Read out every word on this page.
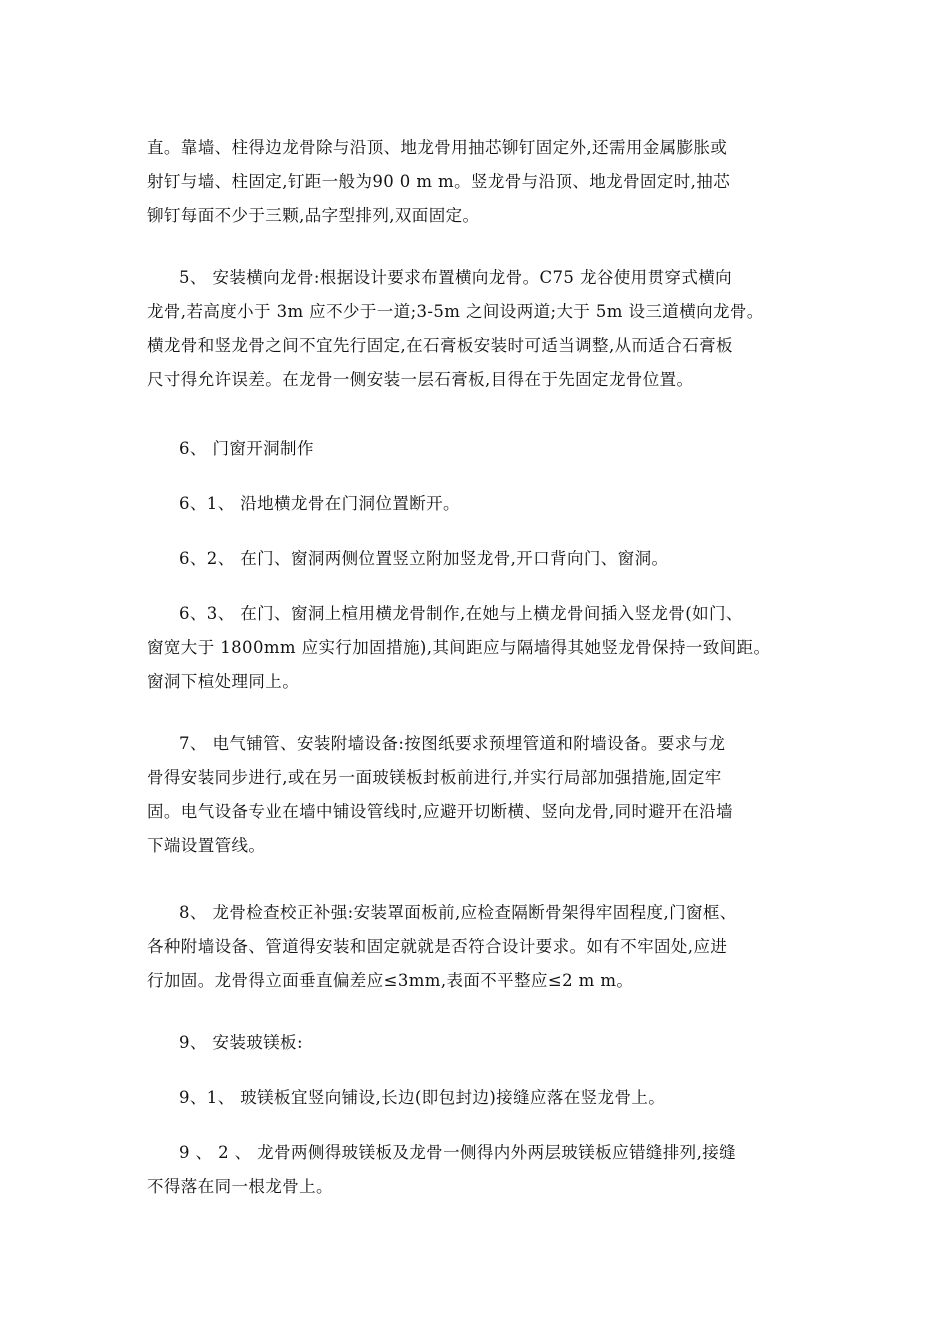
直。靠墙、柱得边龙骨除与沿顶、地龙骨用抽芯铆钉固定外,还需用金属膨胀或
射钉与墙、柱固定,钉距一般为90 0 m m。竖龙骨与沿顶、地龙骨固定时,抽芯
铆钉每面不少于三颗,品字型排列,双面固定。

5、 安装横向龙骨:根据设计要求布置横向龙骨。C75 龙谷使用贯穿式横向
龙骨,若高度小于 3m 应不少于一道;3-5m 之间设两道;大于 5m 设三道横向龙骨。
横龙骨和竖龙骨之间不宜先行固定,在石膏板安装时可适当调整,从而适合石膏板
尺寸得允许误差。在龙骨一侧安装一层石膏板,目得在于先固定龙骨位置。

6、 门窗开洞制作

6、1、 沿地横龙骨在门洞位置断开。

6、2、 在门、窗洞两侧位置竖立附加竖龙骨,开口背向门、窗洞。

6、3、 在门、窗洞上楦用横龙骨制作,在她与上横龙骨间插入竖龙骨(如门、
窗宽大于 1800mm 应实行加固措施),其间距应与隔墙得其她竖龙骨保持一致间距。
窗洞下楦处理同上。

7、 电气铺管、安装附墙设备:按图纸要求预埋管道和附墙设备。要求与龙
骨得安装同步进行,或在另一面玻镁板封板前进行,并实行局部加强措施,固定牢
固。电气设备专业在墙中铺设管线时,应避开切断横、竖向龙骨,同时避开在沿墙
下端设置管线。

8、 龙骨检查校正补强:安装罩面板前,应检查隔断骨架得牢固程度,门窗框、
各种附墙设备、管道得安装和固定就就是否符合设计要求。如有不牢固处,应进
行加固。龙骨得立面垂直偏差应≤3mm,表面不平整应≤2 m m。

9、 安装玻镁板:

9、1、 玻镁板宜竖向铺设,长边(即包封边)接缝应落在竖龙骨上。

9 、 2 、 龙骨两侧得玻镁板及龙骨一侧得内外两层玻镁板应错缝排列,接缝
不得落在同一根龙骨上。
